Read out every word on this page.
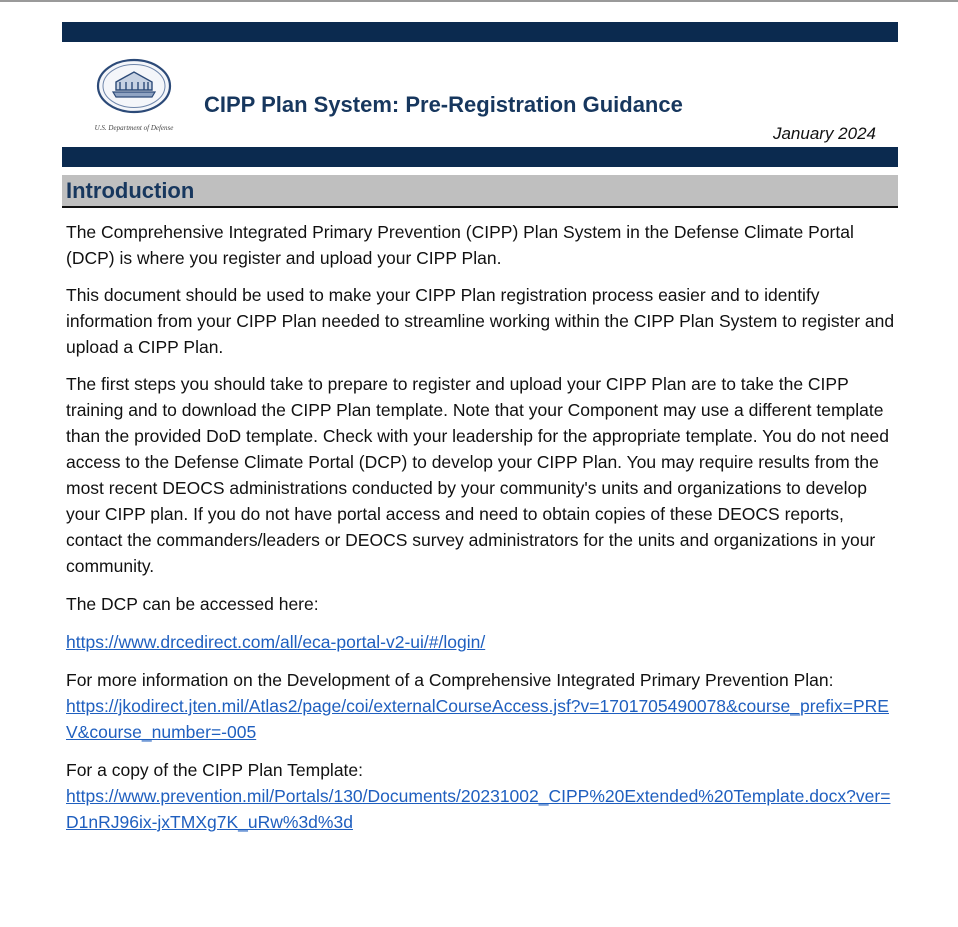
U.S. Department of Defense
CIPP Plan System: Pre-Registration Guidance
January 2024
Introduction

The Comprehensive Integrated Primary Prevention (CIPP) Plan System in the Defense Climate Portal (DCP) is where you register and upload your CIPP Plan.

This document should be used to make your CIPP Plan registration process easier and to identify information from your CIPP Plan needed to streamline working within the CIPP Plan System to register and upload a CIPP Plan.

The first steps you should take to prepare to register and upload your CIPP Plan are to take the CIPP training and to download the CIPP Plan template. Note that your Component may use a different template than the provided DoD template. Check with your leadership for the appropriate template. You do not need access to the Defense Climate Portal (DCP) to develop your CIPP Plan. You may require results from the most recent DEOCS administrations conducted by your community's units and organizations to develop your CIPP plan. If you do not have portal access and need to obtain copies of these DEOCS reports, contact the commanders/leaders or DEOCS survey administrators for the units and organizations in your community.

The DCP can be accessed here:

https://www.drcedirect.com/all/eca-portal-v2-ui/#/login/

For more information on the Development of a Comprehensive Integrated Primary Prevention Plan:
https://jkodirect.jten.mil/Atlas2/page/coi/externalCourseAccess.jsf?v=1701705490078&course_prefix=PREV&course_number=-005

For a copy of the CIPP Plan Template:
https://www.prevention.mil/Portals/130/Documents/20231002_CIPP%20Extended%20Template.docx?ver=D1nRJ96ix-jxTMXg7K_uRw%3d%3d
